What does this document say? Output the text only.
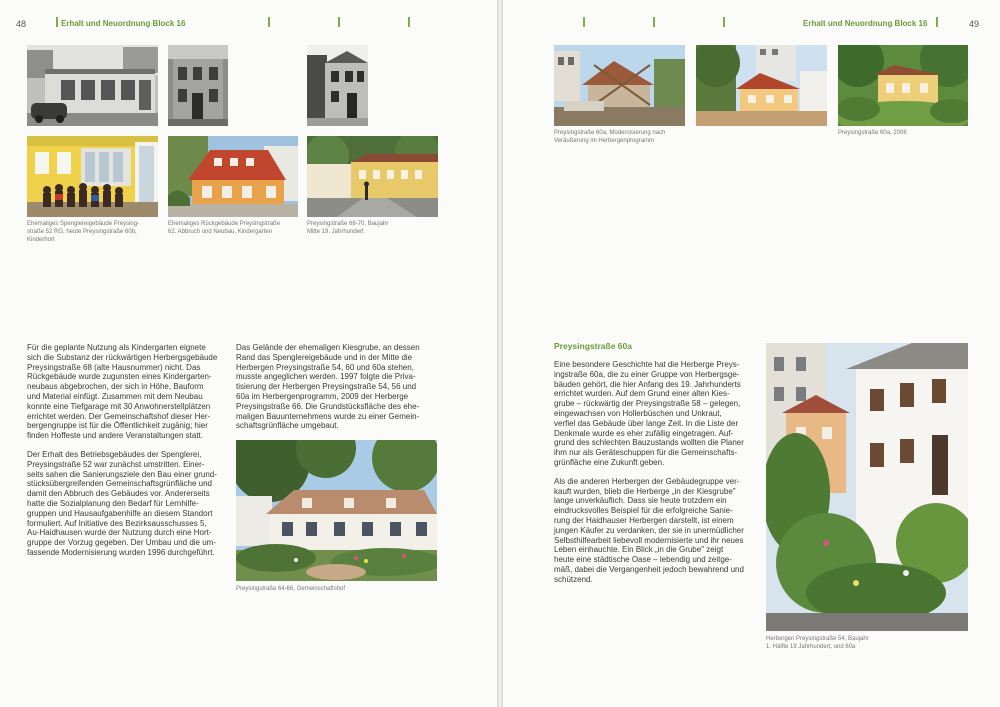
48	Erhalt und Neuordnung Block 16

Ehemaliges Spenglereigebäude Preysing-
straße 52 RG, heute Preysingstraße 60b,
Kinderhort

Ehemaliges Rückgebäude Preysingstraße
62, Abbruch und Neubau, Kindergarten

Preysingstraße 68-70, Baujahr
Mitte 19. Jahrhundert

Für die geplante Nutzung als Kindergarten eignete
sich die Substanz der rückwärtigen Herbergsgebäude
Preysingstraße 68 (alte Hausnummer) nicht. Das
Rückgebäude wurde zugunsten eines Kindergarten-
neubaus abgebrochen, der sich in Höhe, Bauform
und Material einfügt. Zusammen mit dem Neubau
konnte eine Tiefgarage mit 30 Anwohnerstellplätzen
errichtet werden. Der Gemeinschaftshof dieser Her-
bergengruppe ist für die Öffentlichkeit zugänig; hier
finden Hoffeste und andere Veranstaltungen statt.

Der Erhalt des Betriebsgebäudes der Spenglerei,
Preysingstraße 52 war zunächst umstritten. Einer-
seits sahen die Sanierungsziele den Bau einer grund-
stücksübergreifenden Gemeinschaftsgrünfläche und
damit den Abbruch des Gebäudes vor. Andererseits
hatte die Sozialplanung den Bedarf für Lernhilfe-
gruppen und Hausaufgabenhilfe an diesem Standort
formuliert. Auf Initiative des Bezirksausschusses 5,
Au-Haidhausen wurde der Nutzung durch eine Hort-
gruppe der Vorzug gegeben. Der Umbau und die um-
fassende Modernisierung wurden 1996 durchgeführt.

Das Gelände der ehemaligen Kiesgrube, an dessen
Rand das Spenglereigebäude und in der Mitte die
Herbergen Preysingstraße 54, 60 und 60a stehen,
musste angeglichen werden. 1997 folgte die Priva-
tisierung der Herbergen Preysingstraße 54, 56 und
60a im Herbergenprogramm, 2009 der Herberge
Preysingstraße 66. Die Grundstücksfläche des ehe-
maligen Bauunternehmens wurde zu einer Gemein-
schaftsgrünfläche umgebaut.

Preysingstraße 64-66, Gemeinschaftshof

Erhalt und Neuordnung Block 16	49

Preysingstraße 60a, Modernisierung nach
Veräußerung im Herbergenprogramm

Preysingstraße 60a, 2006

Preysingstraße 60a

Eine besondere Geschichte hat die Herberge Preys-
ingstraße 60a, die zu einer Gruppe von Herbergsge-
bäuden gehört, die hier Anfang des 19. Jahrhunderts
errichtet wurden. Auf dem Grund einer alten Kies-
grube – rückwärtig der Preysingstraße 58 – gelegen,
eingewachsen von Hollerbüschen und Unkraut,
verfiel das Gebäude über lange Zeit. In die Liste der
Denkmale wurde es eher zufällig eingetragen. Auf-
grund des schlechten Bauzustands wollten die Planer
ihm nur als Geräteschuppen für die Gemeinschafts-
grünfläche eine Zukunft geben.

Als die anderen Herbergen der Gebäudegruppe ver-
kauft wurden, blieb die Herberge „in der Kiesgrube"
lange unverkäuflich. Dass sie heute trotzdem ein
eindrucksvolles Beispiel für die erfolgreiche Sanie-
rung der Haidhauser Herbergen darstellt, ist einem
jungen Käufer zu verdanken, der sie in unermüdlicher
Selbsthilfearbeit liebevoll modernisierte und ihr neues
Leben einhauchte. Ein Blick „in die Grube" zeigt
heute eine städtische Oase – lebendig und zeitge-
mäß, dabei die Vergangenheit jedoch bewahrend und
schützend.

Herbergen Preysingstraße 54, Baujahr
1. Hälfte 19 Jahrhundert, und 60a
